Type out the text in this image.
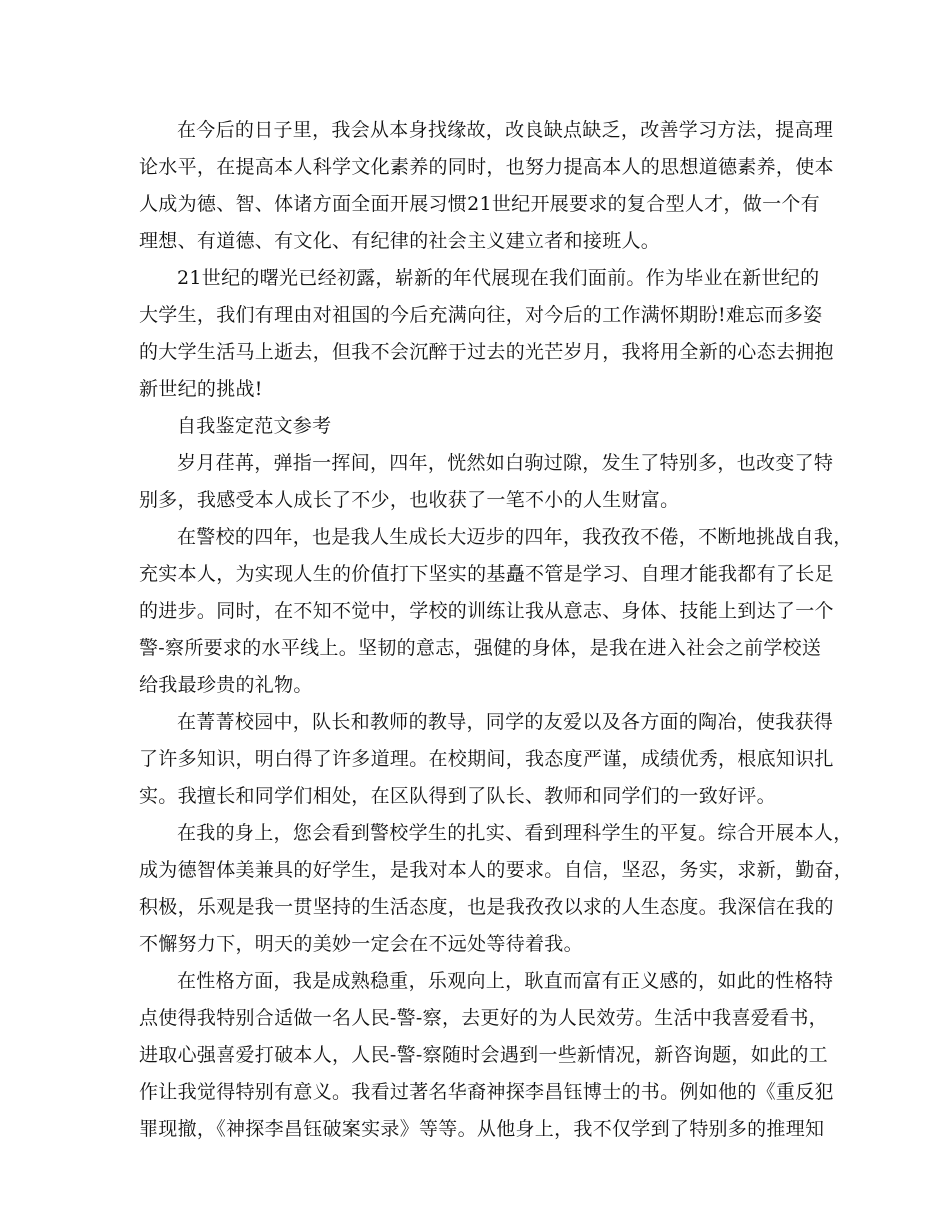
在今后的日子里，我会从本身找缘故，改良缺点缺乏，改善学习方法，提高理
论水平，在提高本人科学文化素养的同时，也努力提高本人的思想道德素养，使本
人成为德、智、体诸方面全面开展习惯21世纪开展要求的复合型人才，做一个有
理想、有道德、有文化、有纪律的社会主义建立者和接班人。
21世纪的曙光已经初露，崭新的年代展现在我们面前。作为毕业在新世纪的
大学生，我们有理由对祖国的今后充满向往，对今后的工作满怀期盼!难忘而多姿
的大学生活马上逝去，但我不会沉醉于过去的光芒岁月，我将用全新的心态去拥抱
新世纪的挑战!
自我鉴定范文参考
岁月荏苒，弹指一挥间，四年，恍然如白驹过隙，发生了特别多，也改变了特
别多，我感受本人成长了不少，也收获了一笔不小的人生财富。
在警校的四年，也是我人生成长大迈步的四年，我孜孜不倦，不断地挑战自我，
充实本人，为实现人生的价值打下坚实的基矗不管是学习、自理才能我都有了长足
的进步。同时，在不知不觉中，学校的训练让我从意志、身体、技能上到达了一个
警-察所要求的水平线上。坚韧的意志，强健的身体，是我在进入社会之前学校送
给我最珍贵的礼物。
在菁菁校园中，队长和教师的教导，同学的友爱以及各方面的陶冶，使我获得
了许多知识，明白得了许多道理。在校期间，我态度严谨，成绩优秀，根底知识扎
实。我擅长和同学们相处，在区队得到了队长、教师和同学们的一致好评。
在我的身上，您会看到警校学生的扎实、看到理科学生的平复。综合开展本人，
成为德智体美兼具的好学生，是我对本人的要求。自信，坚忍，务实，求新，勤奋，
积极，乐观是我一贯坚持的生活态度，也是我孜孜以求的人生态度。我深信在我的
不懈努力下，明天的美妙一定会在不远处等待着我。
在性格方面，我是成熟稳重，乐观向上，耿直而富有正义感的，如此的性格特
点使得我特别合适做一名人民-警-察，去更好的为人民效劳。生活中我喜爱看书，
进取心强喜爱打破本人，人民-警-察随时会遇到一些新情况，新咨询题，如此的工
作让我觉得特别有意义。我看过著名华裔神探李昌钰博士的书。例如他的《重反犯
罪现撤，《神探李昌钰破案实录》等等。从他身上，我不仅学到了特别多的推理知
